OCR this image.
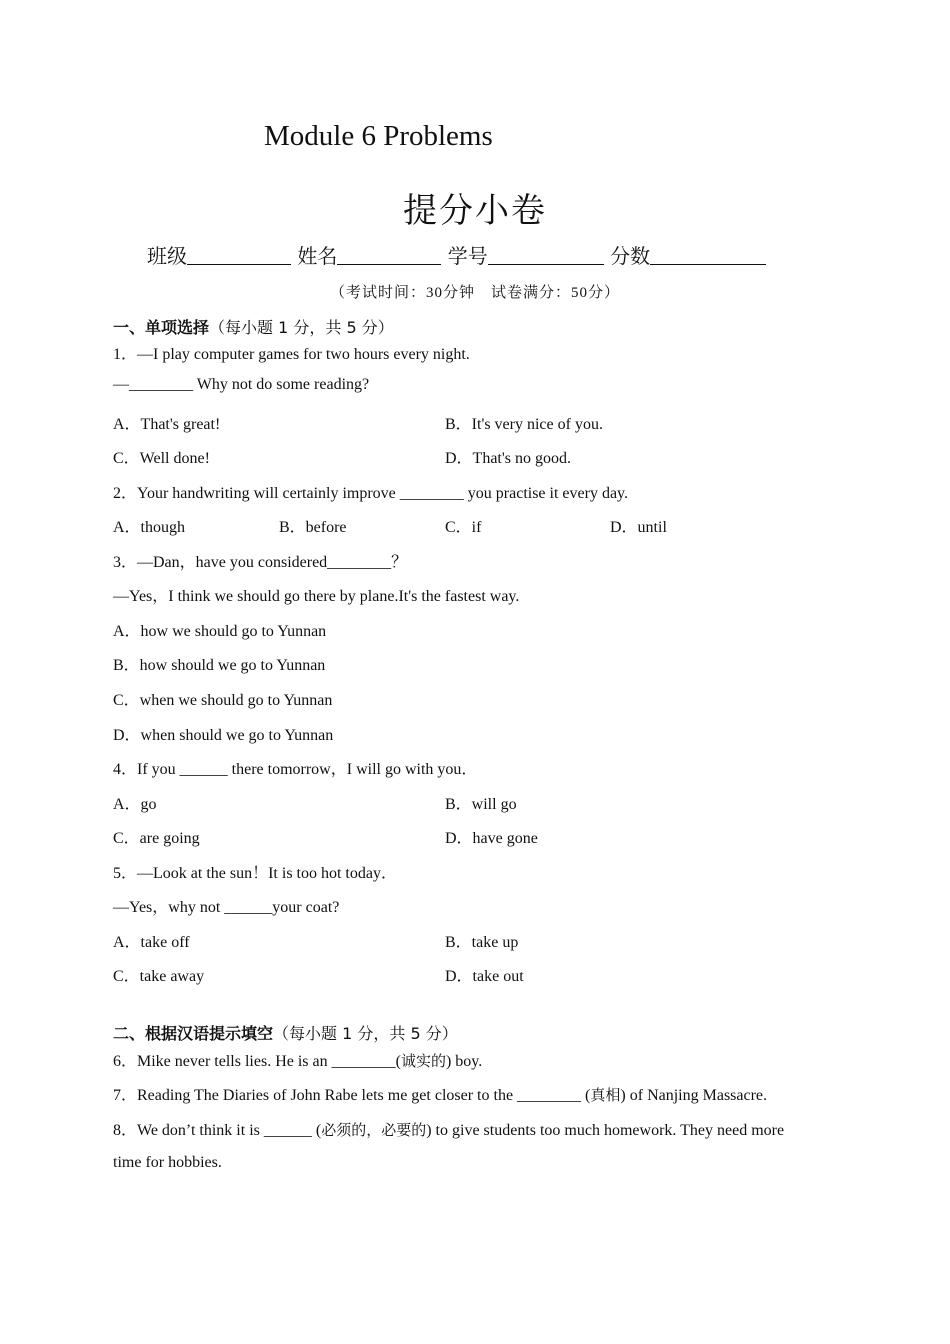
Module 6 Problems
提分小卷
班级	姓名	学号	分数
（考试时间：30分钟　试卷满分：50分）
一、单项选择（每小题 1 分，共 5 分）
1．—I play computer games for two hours every night.
—________ Why not do some reading?
A．That's great!	B．It's very nice of you.
C．Well done!	D．That's no good.
2．Your handwriting will certainly improve ________ you practise it every day.
A．though	B．before	C．if	D．until
3．—Dan，have you considered________？
—Yes，I think we should go there by plane.It's the fastest way.
A．how we should go to Yunnan
B．how should we go to Yunnan
C．when we should go to Yunnan
D．when should we go to Yunnan
4．If you ______ there tomorrow，I will go with you．
A．go	B．will go
C．are going	D．have gone
5．—Look at the sun！It is too hot today．
—Yes，why not ______your coat?
A．take off	B．take up
C．take away	D．take out
二、根据汉语提示填空（每小题 1 分，共 5 分）
6．Mike never tells lies. He is an ________(诚实的) boy.
7．Reading The Diaries of John Rabe lets me get closer to the ________ (真相) of Nanjing Massacre.
8．We don’t think it is ______ (必须的，必要的) to give students too much homework. They need more
time for hobbies.
